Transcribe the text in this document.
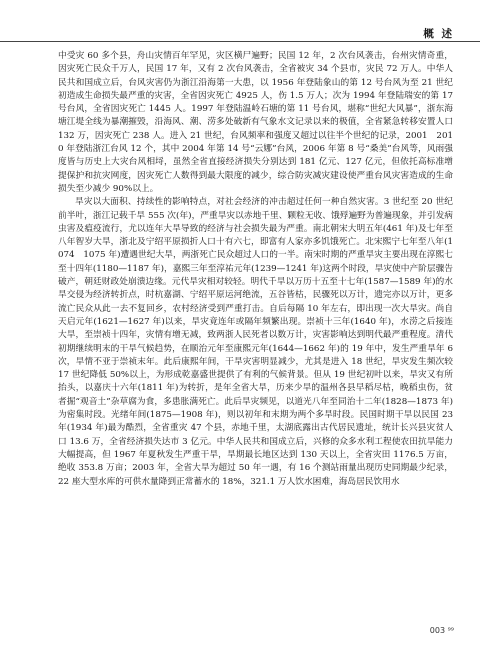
概 述

中受灾 60 多个县，舟山灾情百年罕见，灾区横尸遍野；民国 12 年，2 次台风袭击，台州灾情奇重，因灾死亡民众千万人，民国 17 年，又有 2 次台风袭击，全省被灾 34 个县市，灾民 72 万人。中华人民共和国成立后，台风灾害仍为浙江沿海第一大患，以 1956 年登陆象山的第 12 号台风为至 21 世纪初造成生命损失最严重的灾害，全省因灾死亡 4925 人，伤 1.5 万人；次为 1994 年登陆瑞安的第 17 号台风，全省因灾死亡 1445 人。1997 年登陆温岭石塘的第 11 号台风，堪称“世纪大风暴”，浙东海塘江堤全线为暴潮摧毁，沿海风、潮、涝多处破新有气象水文记录以来的极值，全省紧急转移安置人口 132 万，因灾死亡 238 人。进入 21 世纪，台风频率和强度又超过以往半个世纪的记录，2001　2010 年登陆浙江台风 12 个，其中 2004 年第 14 号“云娜”台风，2006 年第 8 号“桑美”台风等，风雨强度皆与历史上大灾台风相埒，虽然全省直接经济损失分别达到 181 亿元、127 亿元，但依托高标准增提保护和抗灾网度，因灾死亡人数得到最大限度的减少，综合防灾减灾建设使严重台风灾害造成的生命损失至少减少 90%以上。

旱灾以大面积、持续性的影响特点，对社会经济的冲击超过任何一种自然灾害。3 世纪至 20 世纪前半叶，浙江记载千旱 555 次(年)，严重旱灾以赤地千里、颗粒无收、饿殍遍野为普遍现象，并引发病虫害及瘟疫流行，尤以连年大旱导致的经济与社会损失最为严重。南北朝宋大明五年(461 年)及七年至八年智岁大旱，浙北及宁绍平原损折人口十有六七，即富有人家亦多饥饿死亡。北宋熙宁七年至八年(1074　1075 年)遭遇世纪大旱，两浙死亡民众超过人口的一半。南宋时期的严重旱灾主要出现在淳熙七至十四年(1180—1187 年)，嘉熙三年至淳祐元年(1239—1241 年)这两个时段，旱灾使中产阶层骤告破产，朝廷财政处崩溃边缘。元代旱灾相对较轻。明代千旱以万历十五至十七年(1587—1589 年)的水旱交侵为经济转折点，时杭嘉湖、宁绍平原运河绝流，五谷皆枯，民骤死以万计，遗完亦以万计，更多流亡民众从此一去不复回乡，农村经济受到严重打击。自后每隔 10 年左右，即出现一次大旱灾。尚自天启元年(1621—1627 年)以来，旱灾竟连年或隔年频繁出现。崇祯十三年(1640 年)，水涝之后接连大旱，至崇祯十四年，灾情有增无减，致两浙人民死者以数万计，灾害影响达到明代最严重程度。清代初期继续明末的干旱气候趋势，在顺治元年至康熙元年(1644—1662 年)的 19 年中，发生严重旱年 6 次，旱情不亚于崇祯末年。此后康熙年间，干旱灾害明显减少，尤其是进入 18 世纪，旱灾发生频次较 17 世纪降低 50%以上，为形成乾嘉盛世提供了有利的气候背景。但从 19 世纪初叶以来，旱灾又有所抬头，以嘉庆十六年(1811 年)为转折，是年全省大旱，历来少旱的温州各县早稻尽枯，晚稻虫伤，贫者掘“观音土”杂草腐为食，多患胀满死亡。此后旱灾频见，以道光八年至同治十二年(1828—1873 年)为密集时段。光绪年间(1875—1908 年)，则以初年和末期为两个多旱时段。民国时期干旱以民国 23 年(1934 年)最为酷烈，全省重灾 47 个县，赤地千里，太湖底露出古代居民遗址，统计长兴县灾贫人口 13.6 万，全省经济损失达市 3 亿元。中华人民共和国成立后，兴修的众多水利工程使农田抗旱能力大幅提高，但 1967 年夏秋发生严重干旱，旱期最长地区达到 130 天以上，全省灾田 1176.5 万亩，绝收 353.8 万亩；2003 年，全省大旱为超过 50 年一遇，有 16 个测站雨量出现历史同期最少纪录，22 座大型水库的可供水量降到正常蓄水的 18%，321.1 万人饮水困难，海岛居民饮用水

003 ⁹⁹
